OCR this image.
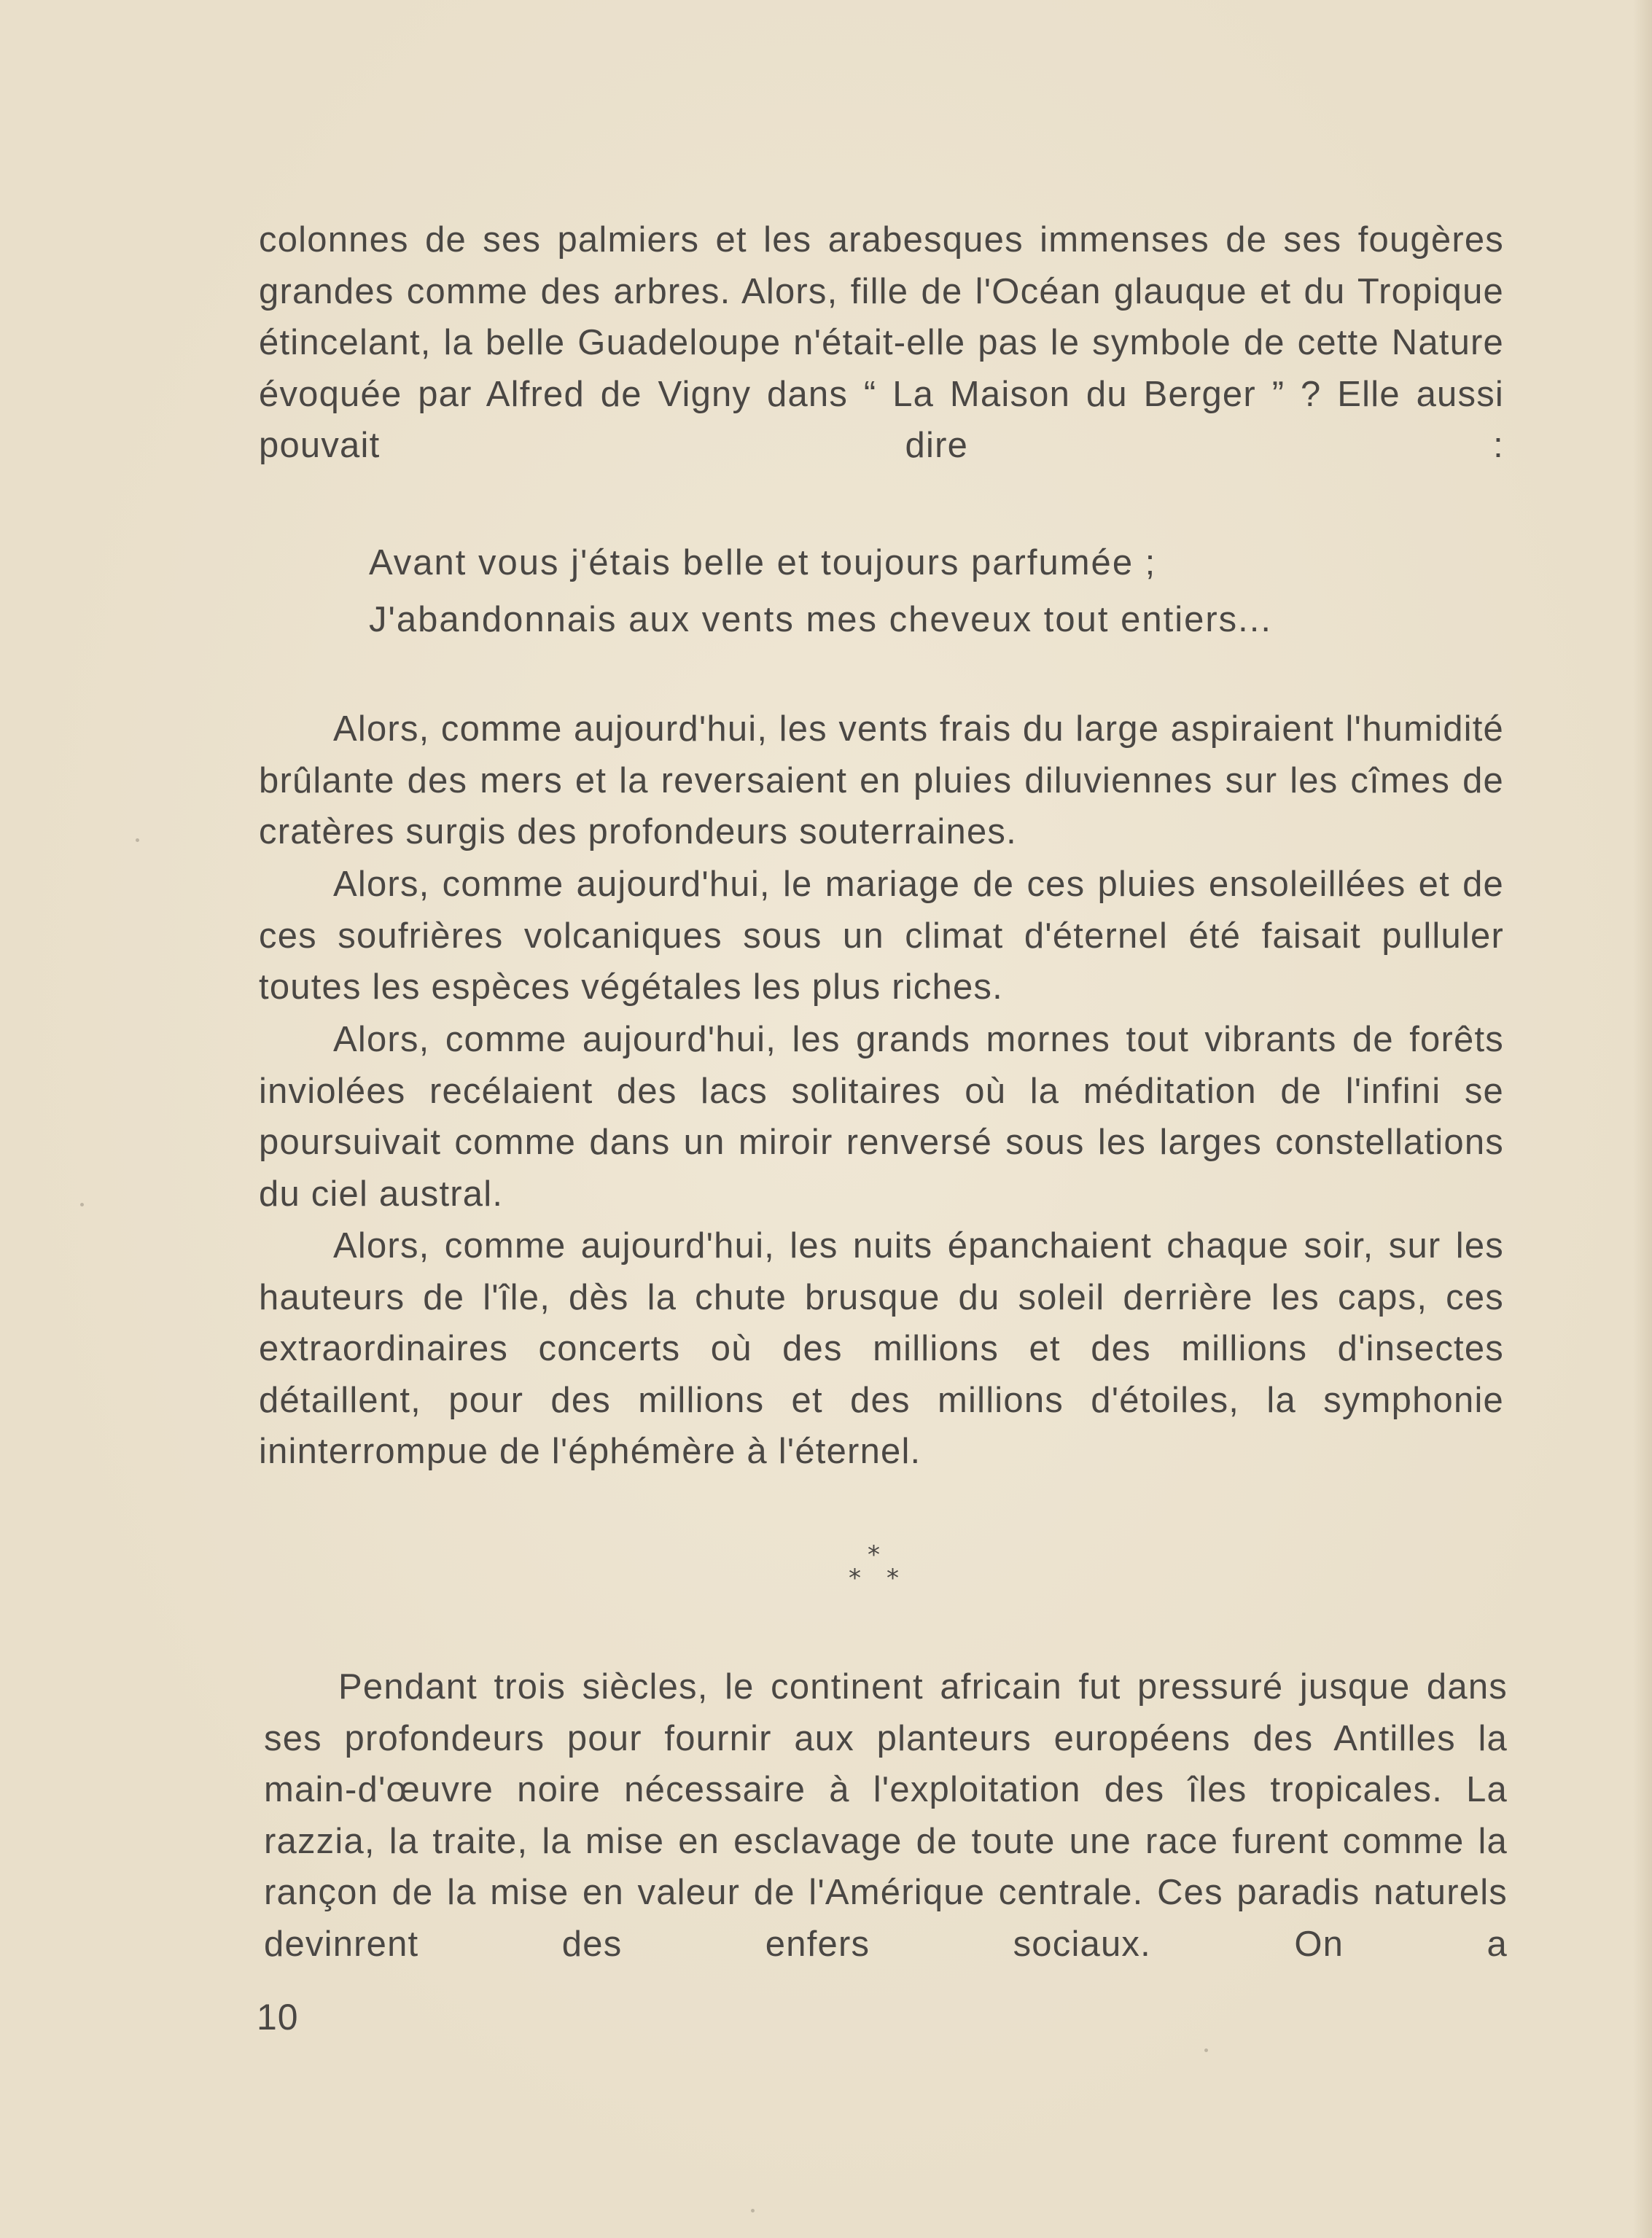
colonnes de ses palmiers et les arabesques immenses de ses fougères grandes comme des arbres. Alors, fille de l'Océan glauque et du Tropique étincelant, la belle Guadeloupe n'était-elle pas le symbole de cette Nature évoquée par Alfred de Vigny dans “ La Maison du Berger ” ? Elle aussi pouvait dire :

Avant vous j'étais belle et toujours parfumée ;
J'abandonnais aux vents mes cheveux tout entiers...

Alors, comme aujourd'hui, les vents frais du large aspiraient l'humidité brûlante des mers et la reversaient en pluies diluviennes sur les cîmes de cratères surgis des profondeurs souterraines.

Alors, comme aujourd'hui, le mariage de ces pluies ensoleillées et de ces soufrières volcaniques sous un climat d'éternel été faisait pulluler toutes les espèces végétales les plus riches.

Alors, comme aujourd'hui, les grands mornes tout vibrants de forêts inviolées recélaient des lacs solitaires où la méditation de l'infini se poursuivait comme dans un miroir renversé sous les larges constellations du ciel austral.

Alors, comme aujourd'hui, les nuits épanchaient chaque soir, sur les hauteurs de l'île, dès la chute brusque du soleil derrière les caps, ces extraordinaires concerts où des millions et des millions d'insectes détaillent, pour des millions et des millions d'étoiles, la symphonie ininterrompue de l'éphémère à l'éternel.

*
* *

Pendant trois siècles, le continent africain fut pressuré jusque dans ses profondeurs pour fournir aux planteurs européens des Antilles la main-d'œuvre noire nécessaire à l'exploitation des îles tropicales. La razzia, la traite, la mise en esclavage de toute une race furent comme la rançon de la mise en valeur de l'Amérique centrale. Ces paradis naturels devinrent des enfers sociaux. On a

10
